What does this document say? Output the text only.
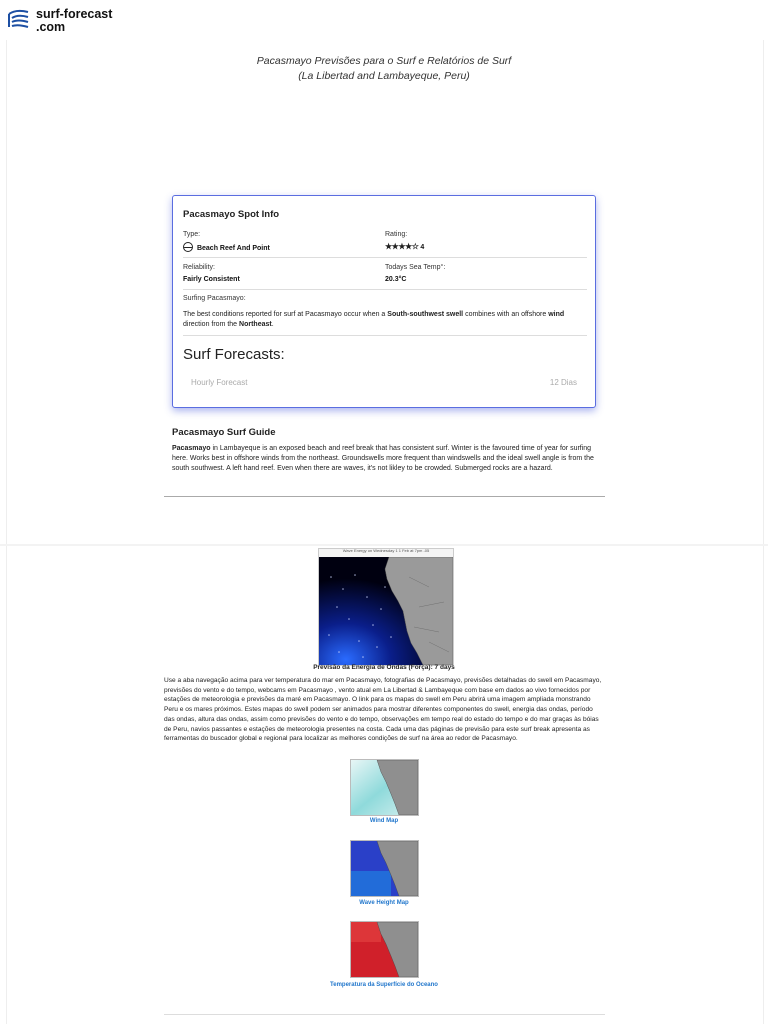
surf-forecast
.com
Pacasmayo Previsões para o Surf e Relatórios de Surf
(La Libertad and Lambayeque, Peru)
Pacasmayo Spot Info
Type:
Beach Reef And Point
Rating:
★★★★☆ 4
Reliability:
Fairly Consistent
Todays Sea Temp°:
20.3°C
Surfing Pacasmayo:
The best conditions reported for surf at Pacasmayo occur when a South-southwest swell combines with an offshore wind direction from the Northeast.
Surf Forecasts:
Hourly Forecast	12 Dias
Pacasmayo Surf Guide
Pacasmayo in Lambayeque is an exposed beach and reef break that has consistent surf. Winter is the favoured time of year for surfing here. Works best in offshore winds from the northeast. Groundswells more frequent than windswells and the ideal swell angle is from the south southwest. A left hand reef. Even when there are waves, it's not likley to be crowded. Submerged rocks are a hazard.
Wave Energy on Wednesday 1 1 Feb at 7pm -05
Previsão da Energia de Ondas (Força): 7 days
Use a aba navegação acima para ver temperatura do mar em Pacasmayo, fotografias de Pacasmayo, previsões detalhadas do swell em Pacasmayo, previsões do vento e do tempo, webcams em Pacasmayo , vento atual em La Libertad & Lambayeque com base em dados ao vivo fornecidos por estações de meteorologia e previsões da maré em Pacasmayo. O link para os mapas do swell em Peru abrirá uma imagem ampliada monstrando Peru e os mares próximos. Estes mapas do swell podem ser animados para mostrar diferentes componentes do swell, energia das ondas, período das ondas, altura das ondas, assim como previsões do vento e do tempo, observações em tempo real do estado do tempo e do mar graças às bóias de Peru, navios passantes e estações de meteorologia presentes na costa. Cada uma das páginas de previsão para este surf break apresenta as ferramentas do buscador global e regional para localizar as melhores condições de surf na área ao redor de Pacasmayo.
Wind Map
Wave Height Map
Temperatura da Superfície do Oceano
